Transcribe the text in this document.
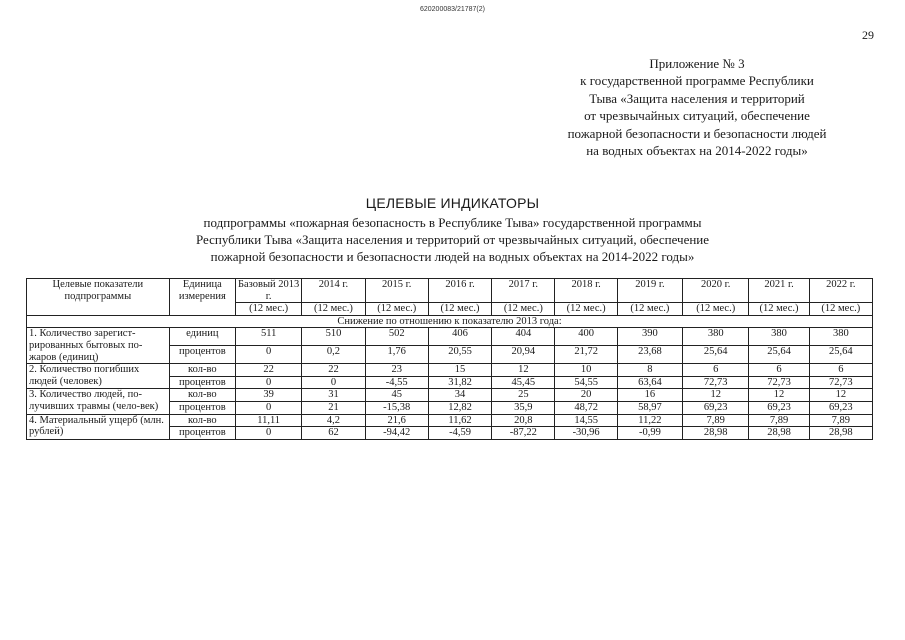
620200083/21787(2)
29
Приложение № 3
к государственной программе Республики
Тыва «Защита населения и территорий
от чрезвычайных ситуаций, обеспечение
пожарной безопасности и безопасности людей
на водных объектах на 2014-2022 годы»
ЦЕЛЕВЫЕ ИНДИКАТОРЫ
подпрограммы «пожарная безопасность в Республике Тыва» государственной программы
Республики Тыва «Защита населения и территорий от чрезвычайных ситуаций, обеспечение
пожарной безопасности и безопасности людей на водных объектах на 2014-2022 годы»
Целевые показатели подпрограммы	Единица измерения	Базовый 2013 г.	2014 г.	2015 г.	2016 г.	2017 г.	2018 г.	2019 г.	2020 г.	2021 г.	2022 г.
		(12 мес.)	(12 мес.)	(12 мес.)	(12 мес.)	(12 мес.)	(12 мес.)	(12 мес.)	(12 мес.)	(12 мес.)	(12 мес.)
Снижение по отношению к показателю 2013 года:											
1. Количество зарегист-рированных бытовых по-жаров (единиц)	единиц	511	510	502	406	404	400	390	380	380	380
	процентов	0	0,2	1,76	20,55	20,94	21,72	23,68	25,64	25,64	25,64
2. Количество погибших людей (человек)	кол-во	22	22	23	15	12	10	8	6	6	6
	процентов	0	0	-4,55	31,82	45,45	54,55	63,64	72,73	72,73	72,73
3. Количество людей, по-лучивших травмы (чело-век)	кол-во	39	31	45	34	25	20	16	12	12	12
	процентов	0	21	-15,38	12,82	35,9	48,72	58,97	69,23	69,23	69,23
4. Материальный ущерб (млн. рублей)	кол-во	11,11	4,2	21,6	11,62	20,8	14,55	11,22	7,89	7,89	7,89
	процентов	0	62	-94,42	-4,59	-87,22	-30,96	-0,99	28,98	28,98	28,98
